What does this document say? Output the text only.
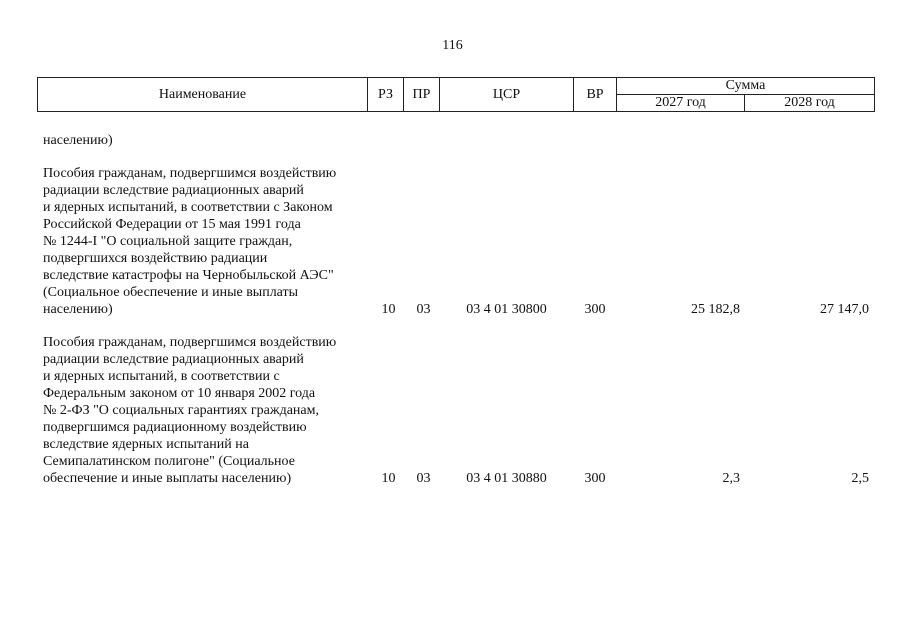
116
Наименование	РЗ	ПР	ЦСР	ВР	Сумма	
					2027 год	2028 год
населению)
Пособия гражданам, подвергшимся воздействию
радиации вследствие радиационных аварий
и ядерных испытаний, в соответствии с Законом
Российской Федерации от 15 мая 1991 года
№ 1244-I "О социальной защите граждан,
подвергшихся воздействию радиации
вследствие катастрофы на Чернобыльской АЭС"
(Социальное обеспечение и иные выплаты
населению)	10	03	03 4 01 30800	300	25 182,8	27 147,0
Пособия гражданам, подвергшимся воздействию
радиации вследствие радиационных аварий
и ядерных испытаний, в соответствии с
Федеральным законом от 10 января 2002 года
№ 2-ФЗ "О социальных гарантиях гражданам,
подвергшимся радиационному воздействию
вследствие ядерных испытаний на
Семипалатинском полигоне" (Социальное
обеспечение и иные выплаты населению)	10	03	03 4 01 30880	300	2,3	2,5
